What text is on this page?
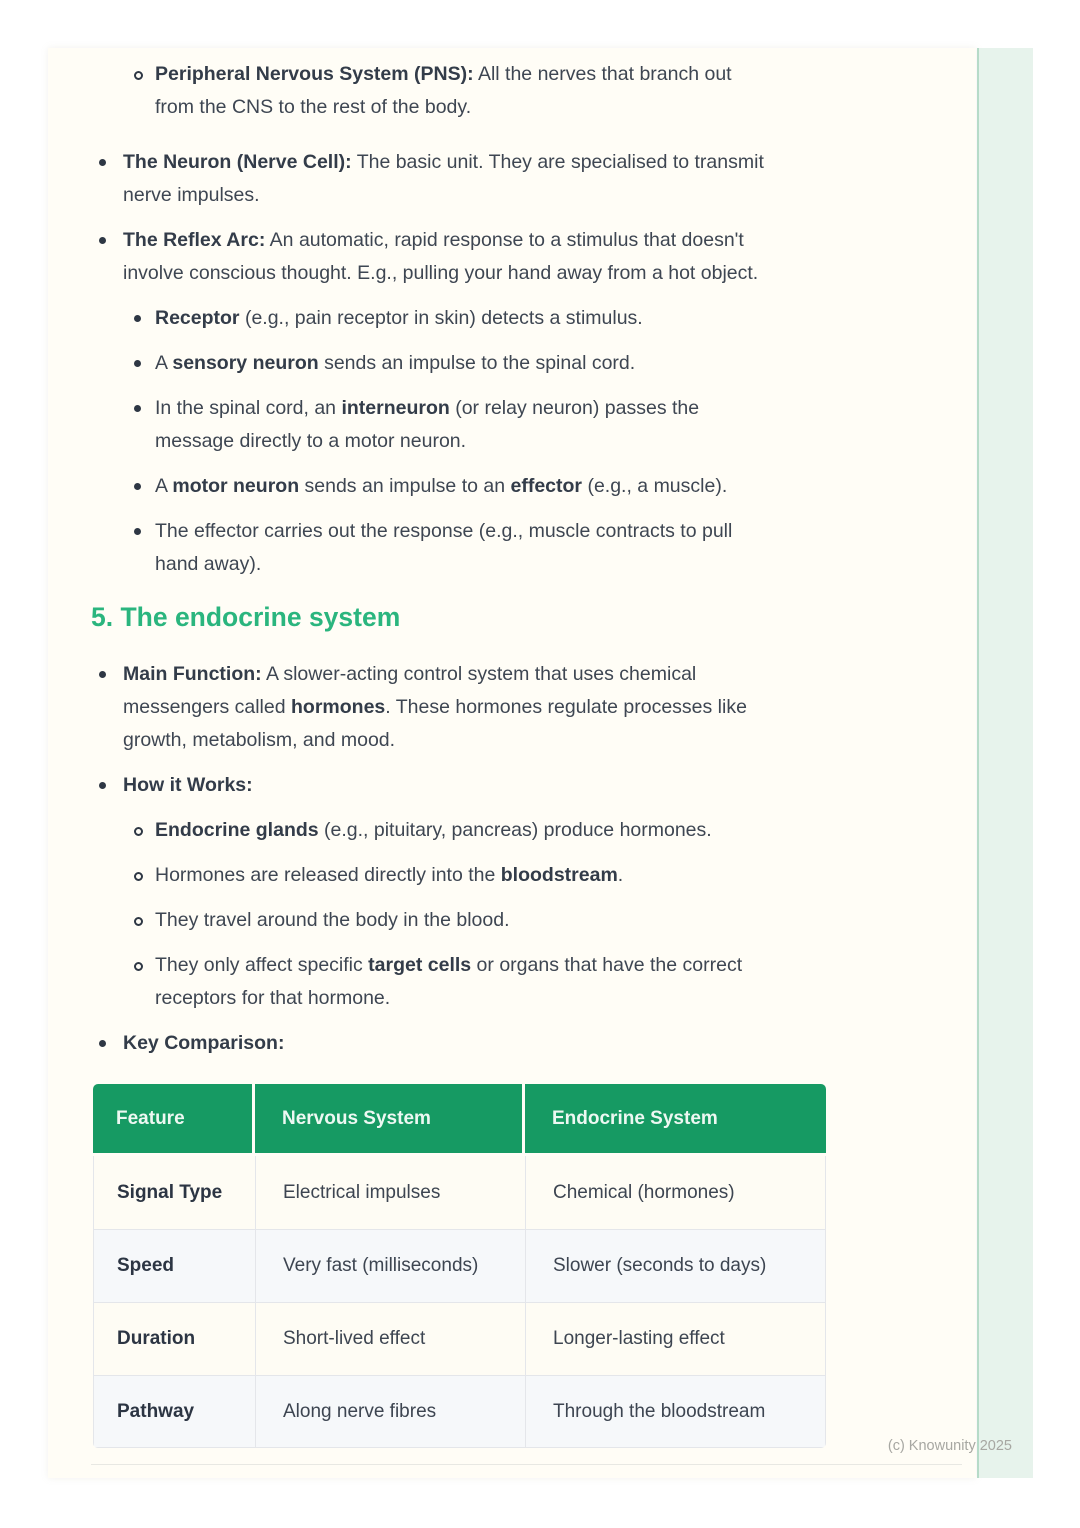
Peripheral Nervous System (PNS): All the nerves that branch out
from the CNS to the rest of the body.
The Neuron (Nerve Cell): The basic unit. They are specialised to transmit
nerve impulses.
The Reflex Arc: An automatic, rapid response to a stimulus that doesn't
involve conscious thought. E.g., pulling your hand away from a hot object.
Receptor (e.g., pain receptor in skin) detects a stimulus.
A sensory neuron sends an impulse to the spinal cord.
In the spinal cord, an interneuron (or relay neuron) passes the
message directly to a motor neuron.
A motor neuron sends an impulse to an effector (e.g., a muscle).
The effector carries out the response (e.g., muscle contracts to pull
hand away).
5. The endocrine system
Main Function: A slower-acting control system that uses chemical
messengers called hormones. These hormones regulate processes like
growth, metabolism, and mood.
How it Works:
Endocrine glands (e.g., pituitary, pancreas) produce hormones.
Hormones are released directly into the bloodstream.
They travel around the body in the blood.
They only affect specific target cells or organs that have the correct
receptors for that hormone.
Key Comparison:
Feature	Nervous System	Endocrine System
Signal Type	Electrical impulses	Chemical (hormones)
Speed	Very fast (milliseconds)	Slower (seconds to days)
Duration	Short-lived effect	Longer-lasting effect
Pathway	Along nerve fibres	Through the bloodstream
(c) Knowunity 2025
